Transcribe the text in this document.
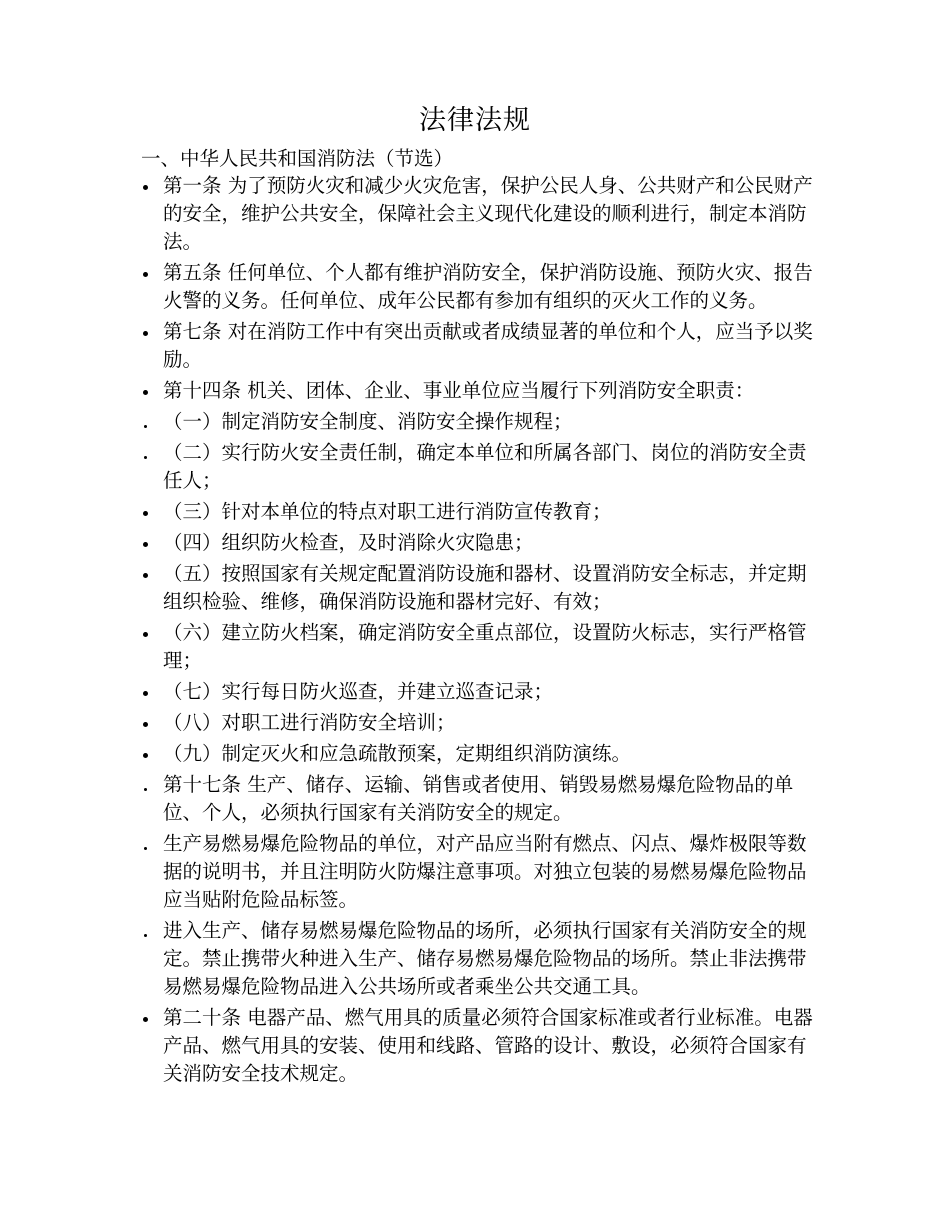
法律法规
一、中华人民共和国消防法（节选）
第一条 为了预防火灾和减少火灾危害，保护公民人身、公共财产和公民财产的安全，维护公共安全，保障社会主义现代化建设的顺利进行，制定本消防法。
第五条 任何单位、个人都有维护消防安全，保护消防设施、预防火灾、报告火警的义务。任何单位、成年公民都有参加有组织的灭火工作的义务。
第七条 对在消防工作中有突出贡献或者成绩显著的单位和个人，应当予以奖励。
第十四条 机关、团体、企业、事业单位应当履行下列消防安全职责：
（一）制定消防安全制度、消防安全操作规程；
（二）实行防火安全责任制，确定本单位和所属各部门、岗位的消防安全责任人；
（三）针对本单位的特点对职工进行消防宣传教育；
（四）组织防火检查，及时消除火灾隐患；
（五）按照国家有关规定配置消防设施和器材、设置消防安全标志，并定期组织检验、维修，确保消防设施和器材完好、有效；
（六）建立防火档案，确定消防安全重点部位，设置防火标志，实行严格管理；
（七）实行每日防火巡查，并建立巡查记录；
（八）对职工进行消防安全培训；
（九）制定灭火和应急疏散预案，定期组织消防演练。
第十七条 生产、储存、运输、销售或者使用、销毁易燃易爆危险物品的单位、个人，必须执行国家有关消防安全的规定。
生产易燃易爆危险物品的单位，对产品应当附有燃点、闪点、爆炸极限等数据的说明书，并且注明防火防爆注意事项。对独立包装的易燃易爆危险物品应当贴附危险品标签。
进入生产、储存易燃易爆危险物品的场所，必须执行国家有关消防安全的规定。禁止携带火种进入生产、储存易燃易爆危险物品的场所。禁止非法携带易燃易爆危险物品进入公共场所或者乘坐公共交通工具。
第二十条 电器产品、燃气用具的质量必须符合国家标准或者行业标准。电器产品、燃气用具的安装、使用和线路、管路的设计、敷设，必须符合国家有关消防安全技术规定。
